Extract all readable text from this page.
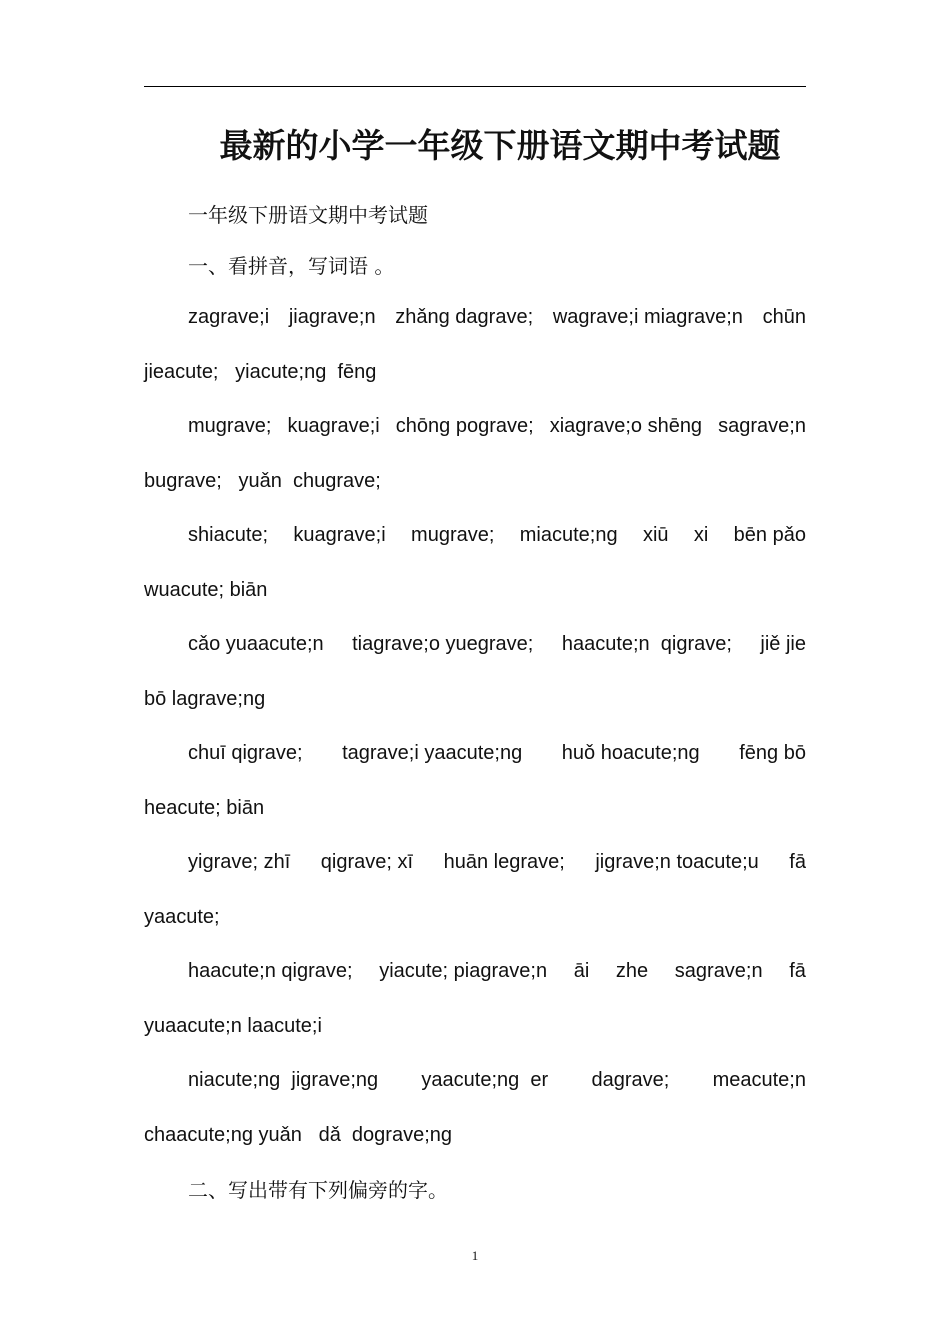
最新的小学一年级下册语文期中考试题
一年级下册语文期中考试题
一、看拼音，写词语 。
zagrave;i jiagrave;n zhǎng dagrave; wagrave;i miagrave;n chūn
jieacute;   yiacute;ng  fēng
mugrave; kuagrave;i chōng pograve; xiagrave;o shēng sagrave;n
bugrave;   yuǎn  chugrave;
shiacute; kuagrave;i mugrave; miacute;ng xiū xi bēn pǎo
wuacute; biān
cǎo yuaacute;n tiagrave;o yuegrave; haacute;n  qigrave; jiě jie
bō lagrave;ng
chuī qigrave; tagrave;i yaacute;ng huǒ hoacute;ng fēng bō
heacute; biān
yigrave; zhī qigrave; xī huān legrave; jigrave;n toacute;u fā
yaacute;
haacute;n qigrave; yiacute; piagrave;n āi zhe sagrave;n fā
yuaacute;n laacute;i
niacute;ng  jigrave;ng yaacute;ng  er dagrave; meacute;n
chaacute;ng yuǎn   dǎ  dograve;ng
二、写出带有下列偏旁的字。
1
